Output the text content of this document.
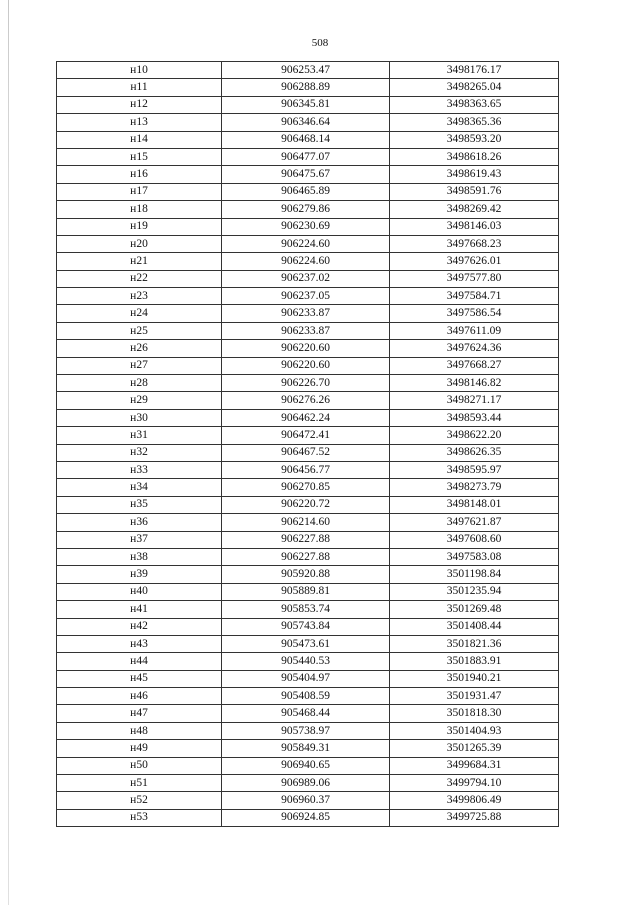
508
н10	906253.47	3498176.17
н11	906288.89	3498265.04
н12	906345.81	3498363.65
н13	906346.64	3498365.36
н14	906468.14	3498593.20
н15	906477.07	3498618.26
н16	906475.67	3498619.43
н17	906465.89	3498591.76
н18	906279.86	3498269.42
н19	906230.69	3498146.03
н20	906224.60	3497668.23
н21	906224.60	3497626.01
н22	906237.02	3497577.80
н23	906237.05	3497584.71
н24	906233.87	3497586.54
н25	906233.87	3497611.09
н26	906220.60	3497624.36
н27	906220.60	3497668.27
н28	906226.70	3498146.82
н29	906276.26	3498271.17
н30	906462.24	3498593.44
н31	906472.41	3498622.20
н32	906467.52	3498626.35
н33	906456.77	3498595.97
н34	906270.85	3498273.79
н35	906220.72	3498148.01
н36	906214.60	3497621.87
н37	906227.88	3497608.60
н38	906227.88	3497583.08
н39	905920.88	3501198.84
н40	905889.81	3501235.94
н41	905853.74	3501269.48
н42	905743.84	3501408.44
н43	905473.61	3501821.36
н44	905440.53	3501883.91
н45	905404.97	3501940.21
н46	905408.59	3501931.47
н47	905468.44	3501818.30
н48	905738.97	3501404.93
н49	905849.31	3501265.39
н50	906940.65	3499684.31
н51	906989.06	3499794.10
н52	906960.37	3499806.49
н53	906924.85	3499725.88
